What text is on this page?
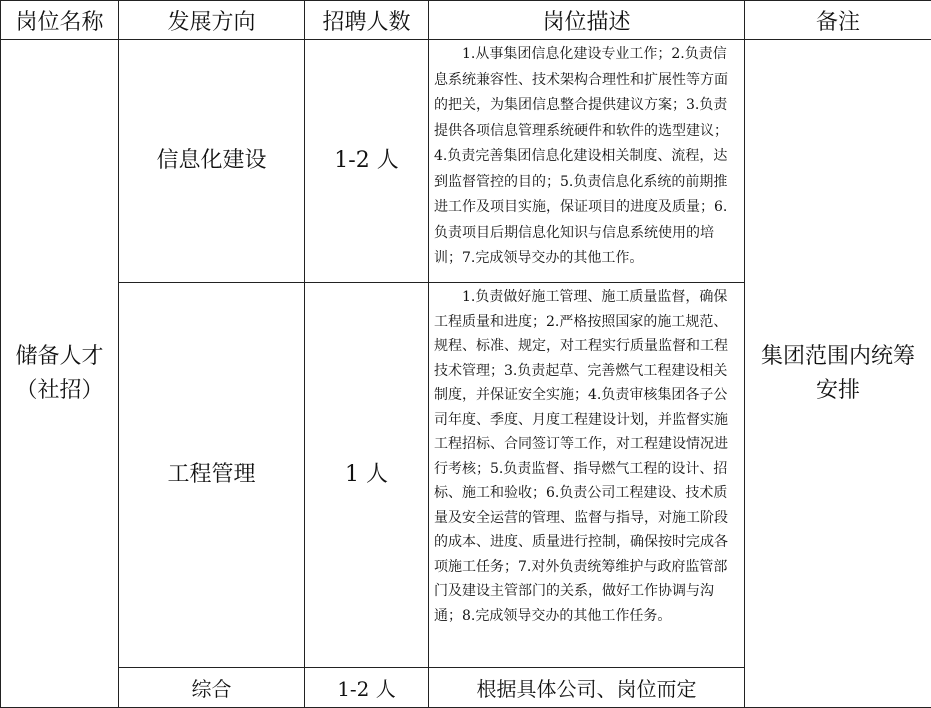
岗位名称	发展方向	招聘人数	岗位描述	备注

储备人才（社招）	信息化建设	1-2 人	1.从事集团信息化建设专业工作；2.负责信息系统兼容性、技术架构合理性和扩展性等方面的把关，为集团信息整合提供建议方案；3.负责提供各项信息管理系统硬件和软件的选型建议；4.负责完善集团信息化建设相关制度、流程，达到监督管控的目的；5.负责信息化系统的前期推进工作及项目实施，保证项目的进度及质量；6.负责项目后期信息化知识与信息系统使用的培训；7.完成领导交办的其他工作。	集团范围内统筹安排

	工程管理	1 人	1.负责做好施工管理、施工质量监督，确保工程质量和进度；2.严格按照国家的施工规范、规程、标准、规定，对工程实行质量监督和工程技术管理；3.负责起草、完善燃气工程建设相关制度，并保证安全实施；4.负责审核集团各子公司年度、季度、月度工程建设计划，并监督实施工程招标、合同签订等工作，对工程建设情况进行考核；5.负责监督、指导燃气工程的设计、招标、施工和验收；6.负责公司工程建设、技术质量及安全运营的管理、监督与指导，对施工阶段的成本、进度、质量进行控制，确保按时完成各项施工任务；7.对外负责统筹维护与政府监管部门及建设主管部门的关系，做好工作协调与沟通；8.完成领导交办的其他工作任务。	
	综合	1-2 人	根据具体公司、岗位而定	
